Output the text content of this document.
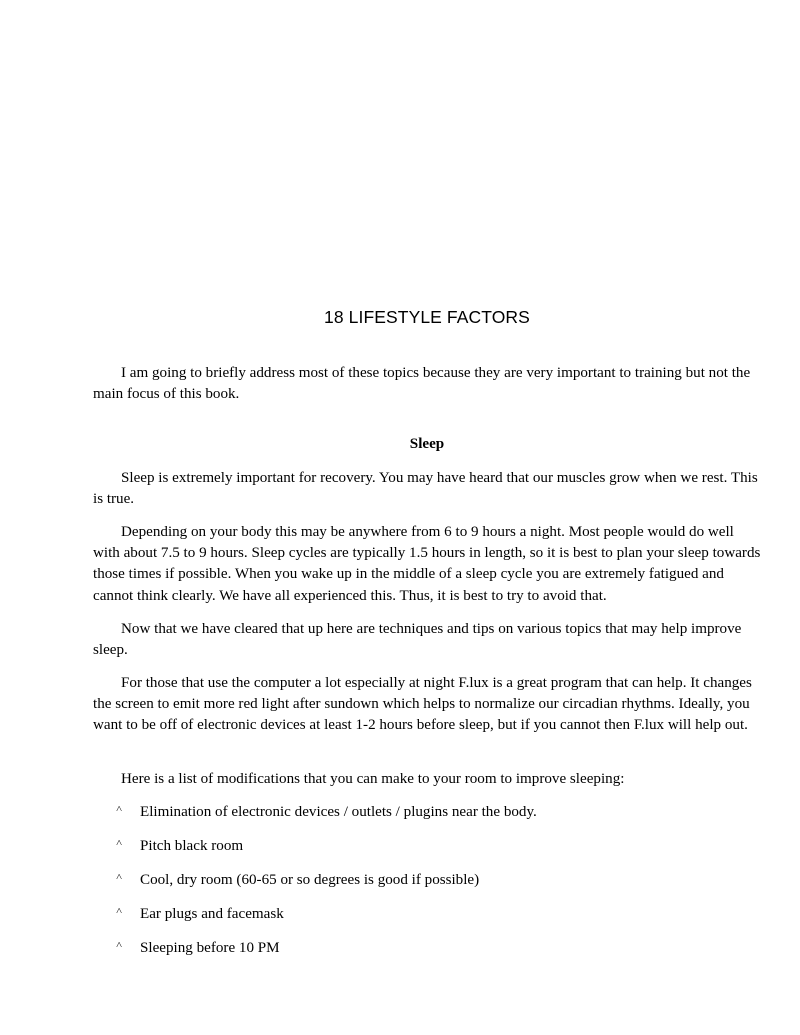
18 LIFESTYLE FACTORS

I am going to briefly address most of these topics because they are very important to training but not the main focus of this book.

Sleep

Sleep is extremely important for recovery. You may have heard that our muscles grow when we rest. This is true.

Depending on your body this may be anywhere from 6 to 9 hours a night. Most people would do well with about 7.5 to 9 hours. Sleep cycles are typically 1.5 hours in length, so it is best to plan your sleep towards those times if possible. When you wake up in the middle of a sleep cycle you are extremely fatigued and cannot think clearly. We have all experienced this. Thus, it is best to try to avoid that.

Now that we have cleared that up here are techniques and tips on various topics that may help improve sleep.

For those that use the computer a lot especially at night F.lux is a great program that can help. It changes the screen to emit more red light after sundown which helps to normalize our circadian rhythms. Ideally, you want to be off of electronic devices at least 1-2 hours before sleep, but if you cannot then F.lux will help out.

Here is a list of modifications that you can make to your room to improve sleeping:

˄	Elimination of electronic devices / outlets / plugins near the body.
˄	Pitch black room
˄	Cool, dry room (60-65 or so degrees is good if possible)
˄	Ear plugs and facemask
˄	Sleeping before 10 PM
